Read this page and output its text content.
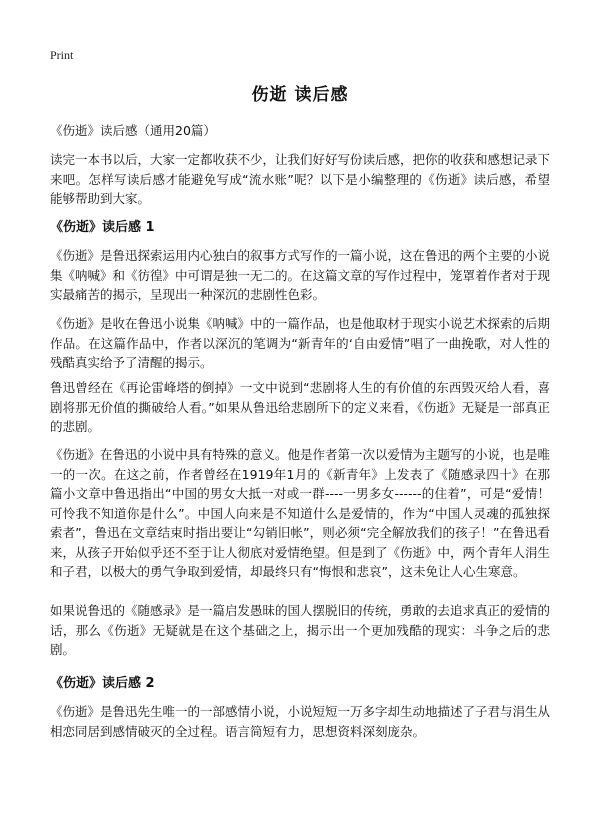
Print
伤逝 读后感
《伤逝》读后感（通用20篇）
读完一本书以后，大家一定都收获不少，让我们好好写份读后感，把你的收获和感想记录下来吧。怎样写读后感才能避免写成“流水账”呢？以下是小编整理的《伤逝》读后感，希望能够帮助到大家。
《伤逝》读后感 1
《伤逝》是鲁迅探索运用内心独白的叙事方式写作的一篇小说，这在鲁迅的两个主要的小说集《呐喊》和《彷徨》中可谓是独一无二的。在这篇文章的写作过程中，笼罩着作者对于现实最痛苦的揭示，呈现出一种深沉的悲剧性色彩。
《伤逝》是收在鲁迅小说集《呐喊》中的一篇作品，也是他取材于现实小说艺术探索的后期作品。在这篇作品中，作者以深沉的笔调为“新青年的‘自由爱情”唱了一曲挽歌，对人性的残酷真实给予了清醒的揭示。
鲁迅曾经在《再论雷峰塔的倒掉》一文中说到“悲剧将人生的有价值的东西毁灭给人看，喜剧将那无价值的撕破给人看。”如果从鲁迅给悲剧所下的定义来看，《伤逝》无疑是一部真正的悲剧。
《伤逝》在鲁迅的小说中具有特殊的意义。他是作者第一次以爱情为主题写的小说，也是唯一的一次。在这之前，作者曾经在1919年1月的《新青年》上发表了《随感录四十》在那篇小文章中鲁迅指出“中国的男女大抵一对或一群----一男多女------的住着”，可是“爱情！可怜我不知道你是什么”。中国人向来是不知道什么是爱情的，作为“中国人灵魂的孤独探索者”，鲁迅在文章结束时指出要让“勾销旧帐”，则必须“完全解放我们的孩子！”在鲁迅看来，从孩子开始似乎还不至于让人彻底对爱情绝望。但是到了《伤逝》中，两个青年人涓生和子君，以极大的勇气争取到爱情，却最终只有“悔恨和悲哀”，这未免让人心生寒意。
如果说鲁迅的《随感录》是一篇启发愚昧的国人摆脱旧的传统，勇敢的去追求真正的爱情的话，那么《伤逝》无疑就是在这个基础之上，揭示出一个更加残酷的现实：斗争之后的悲剧。
《伤逝》读后感 2
《伤逝》是鲁迅先生唯一的一部感情小说，小说短短一万多字却生动地描述了子君与涓生从相恋同居到感情破灭的全过程。语言简短有力，思想资料深刻庞杂。
